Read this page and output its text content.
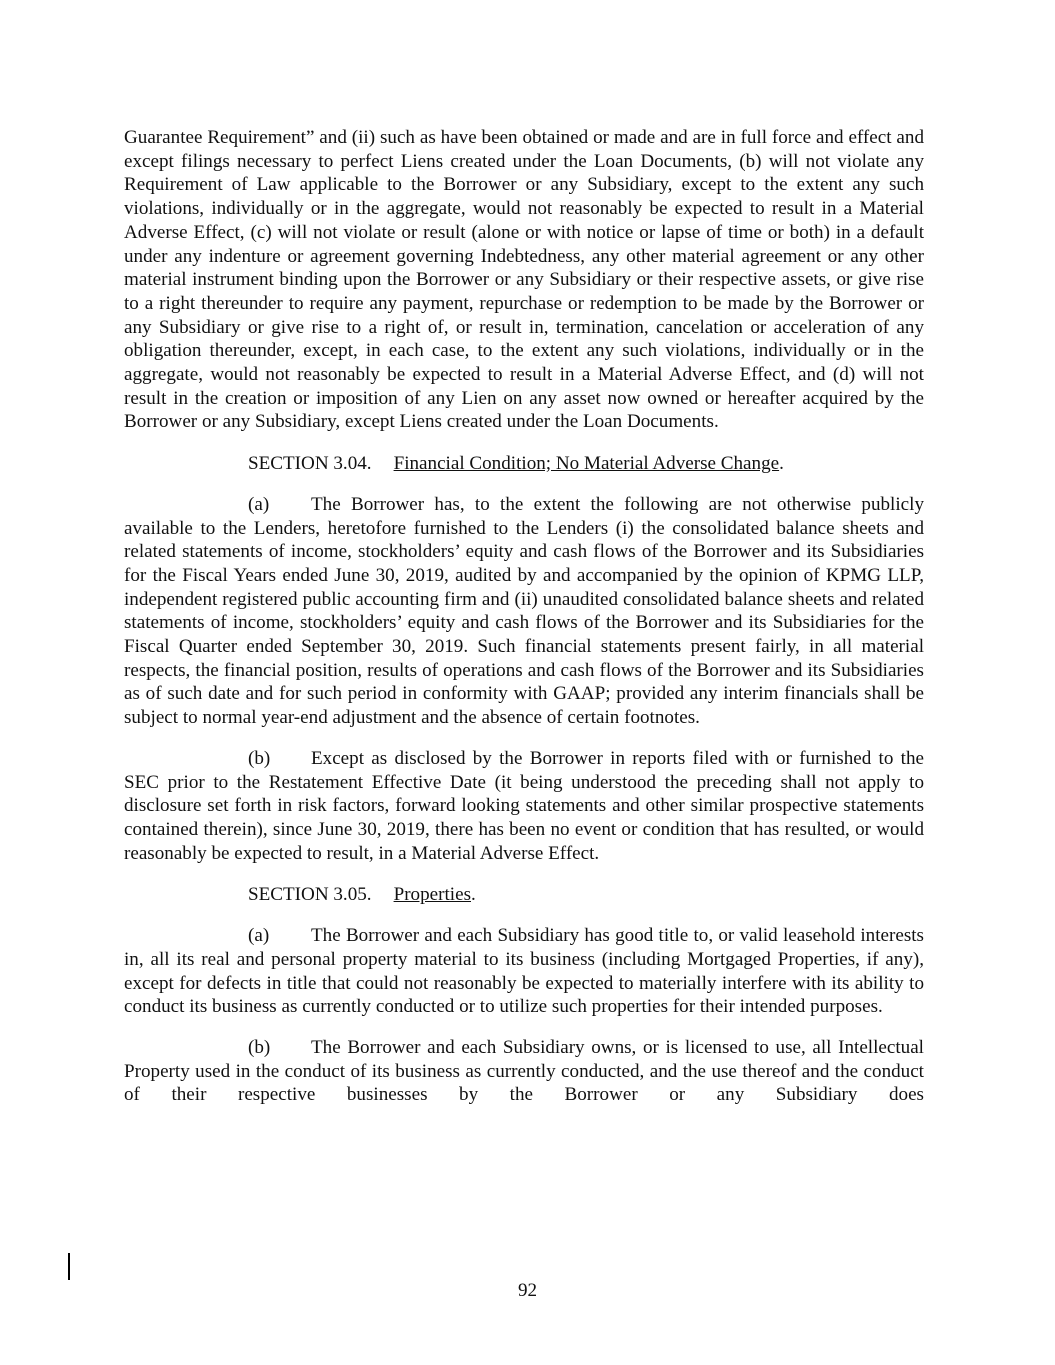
Guarantee Requirement” and (ii) such as have been obtained or made and are in full force and effect and except filings necessary to perfect Liens created under the Loan Documents, (b) will not violate any Requirement of Law applicable to the Borrower or any Subsidiary, except to the extent any such violations, individually or in the aggregate, would not reasonably be expected to result in a Material Adverse Effect, (c) will not violate or result (alone or with notice or lapse of time or both) in a default under any indenture or agreement governing Indebtedness, any other material agreement or any other material instrument binding upon the Borrower or any Subsidiary or their respective assets, or give rise to a right thereunder to require any payment, repurchase or redemption to be made by the Borrower or any Subsidiary or give rise to a right of, or result in, termination, cancelation or acceleration of any obligation thereunder, except, in each case, to the extent any such violations, individually or in the aggregate, would not reasonably be expected to result in a Material Adverse Effect, and (d) will not result in the creation or imposition of any Lien on any asset now owned or hereafter acquired by the Borrower or any Subsidiary, except Liens created under the Loan Documents.

SECTION 3.04. Financial Condition; No Material Adverse Change.

(a) The Borrower has, to the extent the following are not otherwise publicly available to the Lenders, heretofore furnished to the Lenders (i) the consolidated balance sheets and related statements of income, stockholders’ equity and cash flows of the Borrower and its Subsidiaries for the Fiscal Years ended June 30, 2019, audited by and accompanied by the opinion of KPMG LLP, independent registered public accounting firm and (ii) unaudited consolidated balance sheets and related statements of income, stockholders’ equity and cash flows of the Borrower and its Subsidiaries for the Fiscal Quarter ended September 30, 2019. Such financial statements present fairly, in all material respects, the financial position, results of operations and cash flows of the Borrower and its Subsidiaries as of such date and for such period in conformity with GAAP; provided any interim financials shall be subject to normal year-end adjustment and the absence of certain footnotes.

(b) Except as disclosed by the Borrower in reports filed with or furnished to the SEC prior to the Restatement Effective Date (it being understood the preceding shall not apply to disclosure set forth in risk factors, forward looking statements and other similar prospective statements contained therein), since June 30, 2019, there has been no event or condition that has resulted, or would reasonably be expected to result, in a Material Adverse Effect.

SECTION 3.05. Properties.

(a) The Borrower and each Subsidiary has good title to, or valid leasehold interests in, all its real and personal property material to its business (including Mortgaged Properties, if any), except for defects in title that could not reasonably be expected to materially interfere with its ability to conduct its business as currently conducted or to utilize such properties for their intended purposes.

(b) The Borrower and each Subsidiary owns, or is licensed to use, all Intellectual Property used in the conduct of its business as currently conducted, and the use thereof and the conduct of their respective businesses by the Borrower or any Subsidiary does

92
